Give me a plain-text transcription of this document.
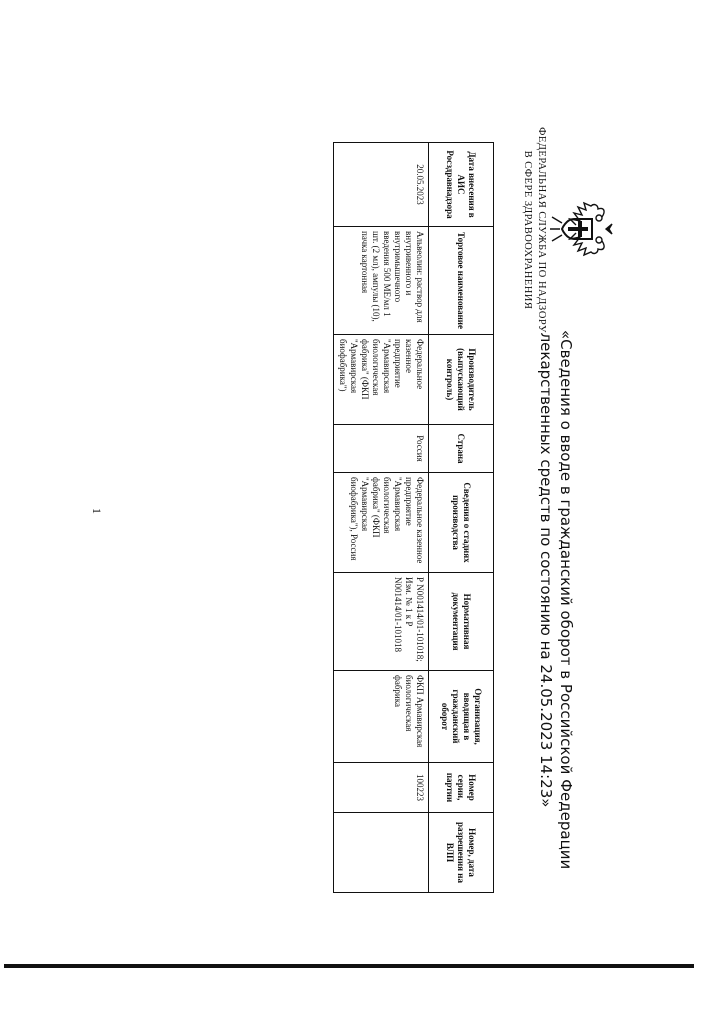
ФЕДЕРАЛЬНАЯ СЛУЖБА ПО НАДЗОРУ
В СФЕРЕ ЗДРАВООХРАНЕНИЯ
«Сведения о вводе в гражданский оборот в Российской Федерации
лекарственных средств по состоянию на 24.05.2023 14:23»
Дата внесения в АИС Росздравнадзора	Торговое наименование	Производитель (выпускающий контроль)	Страна	Сведения о стадиях производства	Нормативная документация	Организация, вводящая в гражданский оборот	Номер серии, партии	Номер, дата разрешения на ВЛП
20.05.2023	Альвеолин: раствор для внутривенного и внутримышечного введения 500 МЕ/мл 1 шт. (2 мл), ампулы (10), пачка картонная	Федеральное казенное предприятие "Армавирская биологическая фабрика" (ФКП "Армавирская биофабрика")	Россия	Федеральное казенное предприятие "Армавирская биологическая фабрика" (ФКП "Армавирская биофабрика"), Россия	Р N001414/01-101018; Изм. № 1 к Р N001414/01-101018	ФКП Армавирская биологическая фабрика	100223	
1
